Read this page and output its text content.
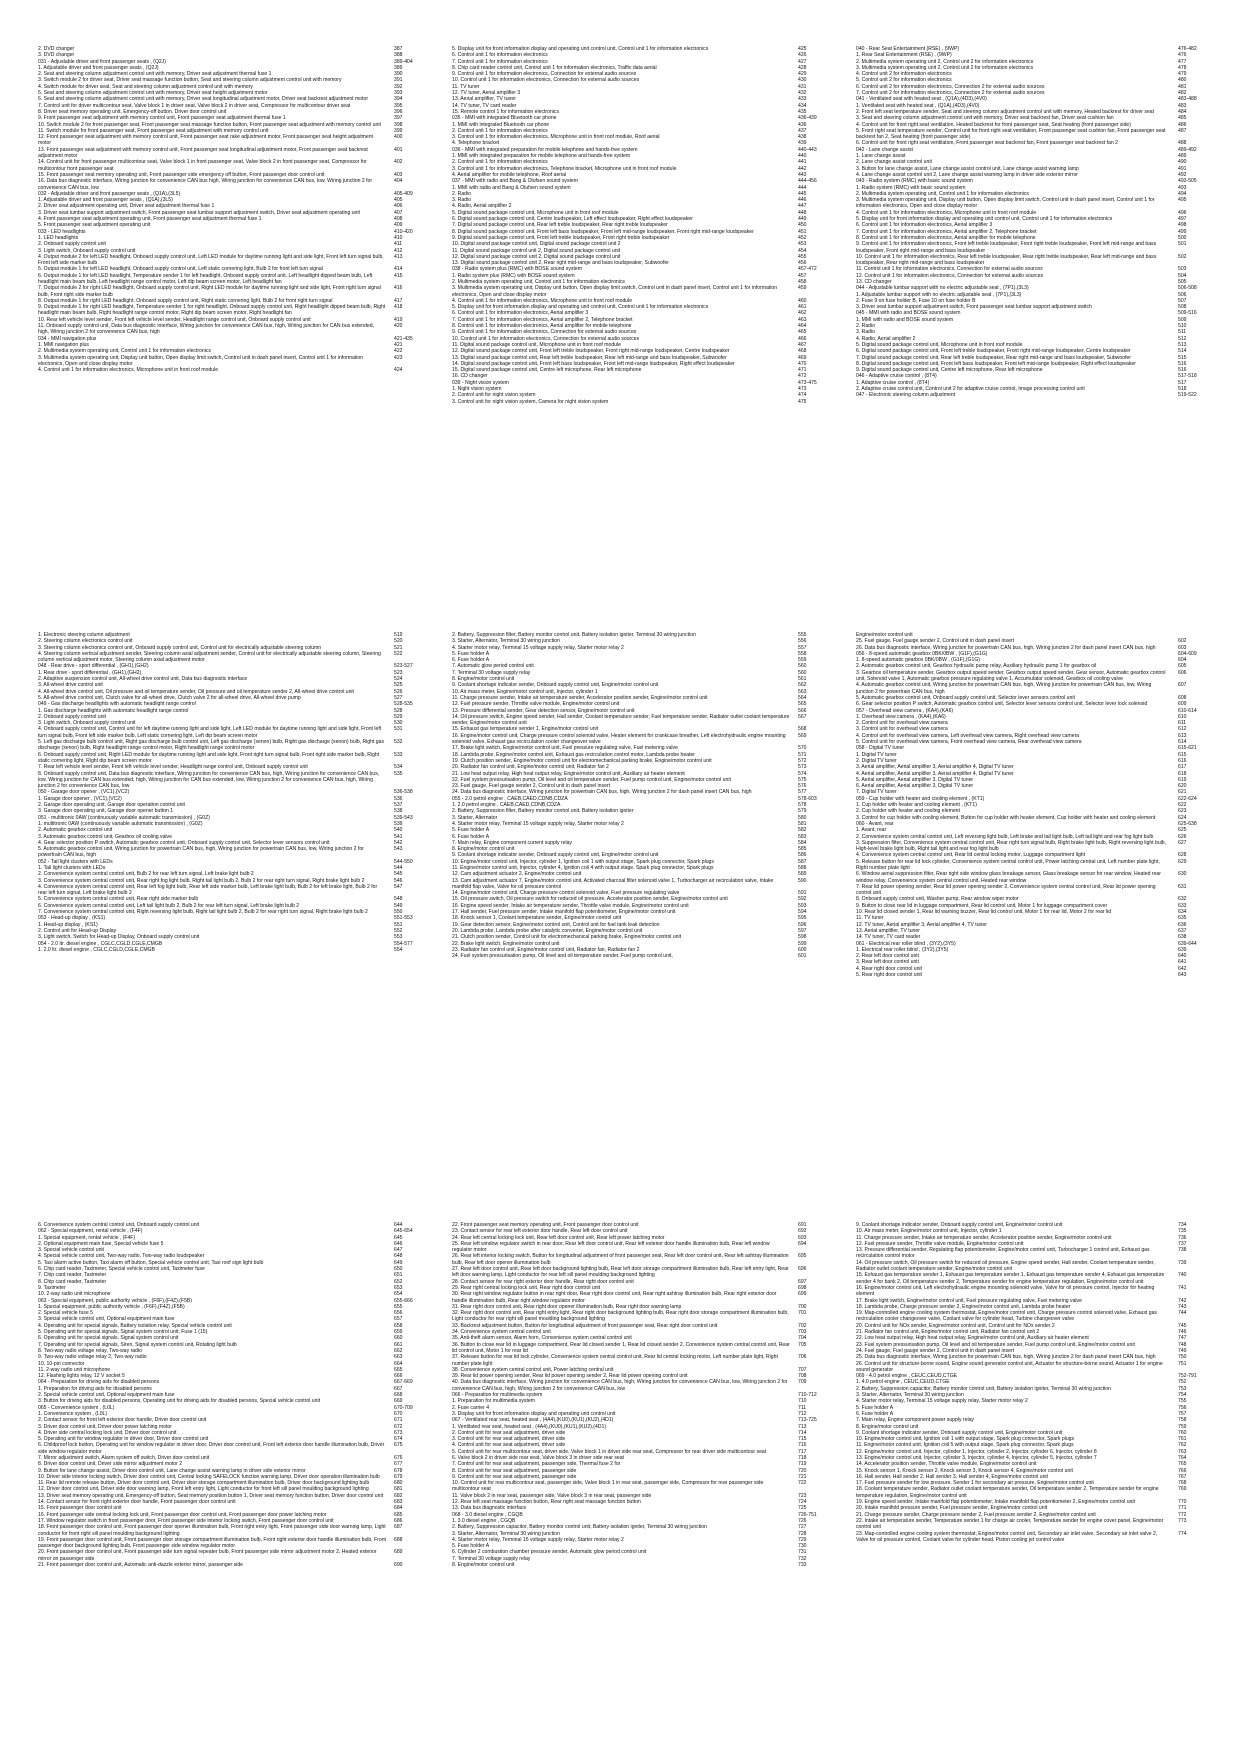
2. DVD changer	387
3. DVD changer	388
031 - Adjustable driver and front passenger seats , (Q2J)	389-404
1. Adjustable driver and front passenger seats , (Q2J)	389
2. Seat and steering column adjustment control unit with memory, Driver seat adjustment thermal fuse 1	390
3. Switch module 2 for driver seat, Driver seat massage function button, Seat and steering column adjustment control unit with memory	391
4. Switch module for driver seat, Seat and steering column adjustment control unit with memory	392
5. Seat and steering column adjustment control unit with memory, Driver seat height adjustment motor	393
6. Seat and steering column adjustment control unit with memory, Driver seat longitudinal adjustment motor, Driver seat backrest adjustment motor	394
7. Control unit for driver multicontour seat, Valve block 1 in driver seat, Valve block 2 in driver seat, Compressor for multicontour driver seat	395
8. Driver seat memory operating unit, Emergency-off button, Driver door control unit	396
9. Front passenger seat adjustment with memory control unit, Front passenger seat adjustment thermal fuse 1	397
10. Switch module 2 for front passenger seat, Front passenger seat massage function button, Front passenger seat adjustment with memory control unit	398
11. Switch module for front passenger seat, Front passenger seat adjustment with memory control unit	399
12. Front passenger seat adjustment with memory control unit, Front passenger seat rake adjustment motor, Front passenger seat height adjustment motor
400
13. Front passenger seat adjustment with memory control unit, Front passenger seat longitudinal adjustment motor, Front passenger seat backrest adjustment motor
401
14. Control unit for front passenger multicontour seat, Valve block 1 in front passenger seat, Valve block 2 in front passenger seat, Compressor for multicontour front passenger seat
402
15. Front passenger seat memory operating unit, Front passenger side emergency off button, Front passenger door control unit	403
16. Data bus diagnostic interface, Wiring junction for convenience CAN bus high, Wiring junction for convenience CAN bus, low, Wiring junction 2 for convenience CAN bus, low
404
032 - Adjustable driver and front passenger seats , (Q1A),(3L5)	405-409
1. Adjustable driver and front passenger seats , (Q1A),(3L5)	405
2. Driver seat adjustment operating unit, Driver seat adjustment thermal fuse 1	406
3. Driver seat lumbar support adjustment switch, Front passenger seat lumbar support adjustment switch, Driver seat adjustment operating unit	407
4. Front passenger seat adjustment operating unit, Front passenger seat adjustment thermal fuse 1	408
5. Front passenger seat adjustment operating unit	409
033 - LED headlights	410-420
1. LED headlights	410
2. Onboard supply control unit	411
3. Light switch, Onboard supply control unit	412
4. Output module 2 for left LED headlight, Onboard supply control unit, Left LED module for daytime running light and side light, Front left turn signal bulb, Front left side marker bulb
413
5. Output module 1 for left LED headlight, Onboard supply control unit, Left static cornering light, Bulb 2 for front left turn signal	414
6. Output module 1 for left LED headlight, Temperature sender 1 for left headlight, Onboard supply control unit, Left headlight dipped beam bulb, Left headlight main beam bulb, Left headlight range control motor, Left dip beam screen motor, Left headlight fan
415
7. Output module 2 for right LED headlight, Onboard supply control unit, Right LED module for daytime running light and side light, Front right turn signal bulb, Front right side marker bulb
416
8. Output module 1 for right LED headlight, Onboard supply control unit, Right static cornering light, Bulb 2 for front right turn signal	417
9. Output module 1 for right LED headlight, Temperature sender 1 for right headlight, Onboard supply control unit, Right headlight dipped beam bulb, Right headlight main beam bulb, Right headlight range control motor, Right dip beam screen motor, Right headlight fan
418
10. Rear left vehicle level sender, Front left vehicle level sender, Headlight range control unit, Onboard supply control unit	419
11. Onboard supply control unit, Data bus diagnostic interface, Wiring junction for convenience CAN bus, high, Wiring junction for CAN bus extended, high, Wiring junction 2 for convenience CAN bus, high
420
034 - MMI navigation plus	421-435
1. MMI navigation plus	421
2. Multimedia system operating unit, Control unit 1 for information electronics	422
3. Multimedia system operating unit, Display unit button, Open display limit switch, Control unit in dash panel insert, Control unit 1 for information electronics, Open and close display motor
423
4. Control unit 1 for information electronics, Microphone unit in front roof module	424
5. Display unit for front information display and operating unit control unit, Control unit 1 for information electronics	425
6. Control unit 1 for information electronics	426
7. Control unit 1 for information electronics	427
8. Chip card reader control unit, Control unit 1 for information electronics, Traffic data aerial	428
9. Control unit 1 for information electronics, Connection for external audio sources	429
10. Control unit 1 for information electronics, Connection for external audio sources	430
11. TV tuner	431
12. TV tuner, Aerial amplifier 3	432
13. Aerial amplifier, TV tuner	433
14. TV tuner, TV card reader	434
15. Remote control 1 for information electronics	435
035 - MMI with integrated Bluetooth car phone	436-439
1. MMI with integrated Bluetooth car phone	436
2. Control unit 1 for information electronics	437
3. Control unit 1 for information electronics, Microphone unit in front roof module, Roof aerial	438
4. Telephone bracket	439
036 - MMI with integrated preparation for mobile telephone and hands-free system	440-443
1. MMI with integrated preparation for mobile telephone and hands-free system	440
2. Control unit 1 for information electronics	441
3. Control unit 1 for information electronics, Telephone bracket, Microphone unit in front roof module	442
4. Aerial amplifier for mobile telephone, Roof aerial	443
037 - MMI with radio and Bang & Olufsen sound system	444-456
1. MMI with radio and Bang & Olufsen sound system	444
2. Radio	445
3. Radio	446
4. Radio, Aerial amplifier 2	447
5. Digital sound package control unit, Microphone unit in front roof module	448
6. Digital sound package control unit, Centre loudspeaker, Left effect loudspeaker, Right effect loudspeaker	449
7. Digital sound package control unit, Rear left treble loudspeaker, Rear right treble loudspeaker	450
8. Digital sound package control unit, Front left bass loudspeaker, Front left mid-range loudspeaker, Front right mid-range loudspeaker	451
9. Digital sound package control unit, Front left treble loudspeaker, Front right treble loudspeaker	452
10. Digital sound package control unit, Digital sound package control unit 2	453
11. Digital sound package control unit 2, Digital sound package control unit	454
12. Digital sound package control unit 2, Digital sound package control unit	455
13. Digital sound package control unit 2, Rear right mid-range and bass loudspeaker, Subwoofer	456
038 - Radio system plus (RMC) with BOSE sound system	457-472
1. Radio system plus (RMC) with BOSE sound system	457
2. Multimedia system operating unit, Control unit 1 for information electronics	458
3. Multimedia system operating unit, Display unit button, Open display limit switch, Control unit in dash panel insert, Control unit 1 for information electronics, Open and close display motor
459
4. Control unit 1 for information electronics, Microphone unit in front roof module	460
5. Display unit for front information display and operating unit control unit, Control unit 1 for information electronics	461
6. Control unit 1 for information electronics, Aerial amplifier 3	462
7. Control unit 1 for information electronics, Aerial amplifier 2, Telephone bracket	463
8. Control unit 1 for information electronics, Aerial amplifier for mobile telephone	464
9. Control unit 1 for information electronics, Connection for external audio sources	465
10. Control unit 1 for information electronics, Connection for external audio sources	466
11. Digital sound package control unit, Microphone unit in front roof module	467
12. Digital sound package control unit, Front left treble loudspeaker, Front right mid-range loudspeaker, Centre loudspeaker	468
13. Digital sound package control unit, Rear left treble loudspeaker, Rear left mid-range and bass loudspeaker, Subwoofer	469
14. Digital sound package control unit, Front left bass loudspeaker, Front left mid-range loudspeaker, Right effect loudspeaker	470
15. Digital sound package control unit, Centre left microphone, Rear left microphone	471
16. CD changer	472
039 - Night vision system	473-475
1. Night vision system	473
2. Control unit for night vision system	474
3. Control unit for night vision system, Camera for night vision system	475
040 - Rear Seat Entertainment (RSE) , (9WP)	476-482
1. Rear Seat Entertainment (RSE) , (9WP)	476
2. Multimedia system operating unit 2, Control unit 2 for information electronics	477
3. Multimedia system operating unit 2, Control unit 2 for information electronics	478
4. Control unit 2 for information electronics	479
5. Control unit 2 for information electronics	480
6. Control unit 2 for information electronics, Connection 2 for external audio sources	481
7. Control unit 2 for information electronics, Connection 2 for external audio sources	482
041 - Ventilated seat with heated seat , (Q1A),(4D3),(4V0)	483-488
1. Ventilated seat with heated seat , (Q1A),(4D3),(4V0)	483
2. Front left seat temperature sender, Seat and steering column adjustment control unit with memory, Heated backrest for driver seat	484
3. Seat and steering column adjustment control unit with memory, Driver seat backrest fan, Driver seat cushion fan	485
4. Control unit for front right seat ventilation, Heated backrest for front passenger seat, Seat heating (front passenger side)	486
5. Front right seat temperature sender, Control unit for front right seat ventilation, Front passenger seat cushion fan, Front passenger seat backrest fan 2, Seat heating (front passenger side)
487
6. Control unit for front right seat ventilation, Front passenger seat backrest fan, Front passenger seat backrest fan 2	488
042 - Lane change assist	489-492
1. Lane change assist	489
2. Lane change assist control unit	490
3. Button for lane change assist, Lane change assist control unit, Lane change assist warning lamp	491
4. Lane change assist control unit 2, Lane change assist warning lamp in driver side exterior mirror	492
043 - Radio system (RMC) with basic sound system	493-505
1. Radio system (RMC) with basic sound system	493
2. Multimedia system operating unit, Control unit 1 for information electronics	494
3. Multimedia system operating unit, Display unit button, Open display limit switch, Control unit in dash panel insert, Control unit 1 for information electronics, Open and close display motor
495
4. Control unit 1 for information electronics, Microphone unit in front roof module	496
5. Display unit for front information display and operating unit control unit, Control unit 1 for information electronics	497
6. Control unit 1 for information electronics, Aerial amplifier 3	498
7. Control unit 1 for information electronics, Aerial amplifier 2, Telephone bracket	499
8. Control unit 1 for information electronics, Aerial amplifier for mobile telephone	500
9. Control unit 1 for information electronics, Front left treble loudspeaker, Front right treble loudspeaker, Front left mid-range and bass loudspeaker, Front right mid-range and bass loudspeaker
501
10. Control unit 1 for information electronics, Rear left treble loudspeaker, Rear right treble loudspeaker, Rear left mid-range and bass loudspeaker, Rear right mid-range and bass loudspeaker
502
11. Control unit 1 for information electronics, Connection for external audio sources	503
12. Control unit 1 for information electronics, Connection for external audio sources	504
13. CD changer	505
044 - Adjustable lumbar support with no electric adjustable seat , (7P1),(3L3)	506-508
1. Adjustable lumbar support with no electric adjustable seat , (7P1),(3L3)	506
2. Fuse 9 on fuse holder B, Fuse 10 on fuse holder B	507
3. Driver seat lumbar support adjustment switch, Front passenger seat lumbar support adjustment switch	508
045 - MMI with radio and BOSE sound system	509-516
1. MMI with radio and BOSE sound system	509
2. Radio	510
3. Radio	511
4. Radio, Aerial amplifier 2	512
5. Digital sound package control unit, Microphone unit in front roof module	513
6. Digital sound package control unit, Front left treble loudspeaker, Front right mid-range loudspeaker, Centre loudspeaker	514
7. Digital sound package control unit, Rear left treble loudspeaker, Rear right mid-range and bass loudspeaker, Subwoofer	515
8. Digital sound package control unit, Front left bass loudspeaker, Front left mid-range loudspeaker, Right effect loudspeaker	516
9. Digital sound package control unit, Centre left microphone, Rear left microphone	516
046 - Adaptive cruise control , (8T4)	517-518
1. Adaptive cruise control , (8T4)	517
2. Adaptive cruise control unit, Control unit 2 for adaptive cruise control, Image processing control unit	518
047 - Electronic steering column adjustment	519-522
1. Electronic steering column adjustment	519
2. Steering column electronics control unit	520
3. Steering column electronics control unit, Onboard supply control unit, Control unit for electrically adjustable steering column	521
4. Steering column vertical adjustment sender, Steering column axial adjustment sender, Control unit for electrically adjustable steering column, Steering column vertical adjustment motor, Steering column axial adjustment motor
522
048 - Rear drive - sport differential , (GH1),(GH2)	523-527
1. Rear drive - sport differential , (GH1),(GH2)	523
2. Adaptive suspension control unit, All-wheel drive control unit, Data bus diagnostic interface	524
3. All-wheel drive control unit	525
4. All-wheel drive control unit, Oil pressure and oil temperature sender, Oil pressure and oil temperature sender 2, All-wheel drive control unit	526
5. All-wheel drive control unit, Clutch valve for all-wheel drive, Clutch valve 2 for all-wheel drive, All-wheel drive pump	527
049 - Gas discharge headlights with automatic headlight range control	528-535
1. Gas discharge headlights with automatic headlight range control	528
2. Onboard supply control unit	529
3. Light switch, Onboard supply control unit	530
4. Onboard supply control unit, Control unit for left daytime running light and side light, Left LED module for daytime running light and side light, Front left turn signal bulb, Front left side marker bulb, Left static cornering light, Left dip beam screen motor
531
5. Left gas discharge bulb control unit, Right gas discharge bulb control unit, Left gas discharge (xenon) bulb, Right gas discharge (xenon) bulb, Right gas discharge (xenon) bulb, Right headlight range control motor, Right headlight range control motor
532
6. Onboard supply control unit, Right LED module for daytime running light and side light, Front right turn signal bulb, Front right side marker bulb, Right static cornering light, Right dip beam screen motor
533
7. Rear left vehicle level sender, Front left vehicle level sender, Headlight range control unit, Onboard supply control unit	534
8. Onboard supply control unit, Data bus diagnostic interface, Wiring junction for convenience CAN bus, high, Wiring junction for convenience CAN bus, low, Wiring junction for CAN bus extended, high, Wiring junction for CAN bus extended, low, Wiring junction 2 for convenience CAN bus, high, Wiring junction 2 for convenience CAN bus, low
535
050 - Garage door opener , (VC1),(VC2)	536-538
1. Garage door opener , (VC1),(VC2)	536
2. Garage door operating unit, Garage door operation control unit	537
3. Garage door operating unit, Garage door opener button 1	538
051 - multitronic 0AW (continuously variable automatic transmission) , (G0Z)	539-543
1. multitronic 0AW (continuously variable automatic transmission) , (G0Z)	539
2. Automatic gearbox control unit	540
3. Automatic gearbox control unit, Gearbox oil cooling valve	541
4. Gear selector position P switch, Automatic gearbox control unit, Onboard supply control unit, Selector lever sensors control unit	542
5. Automatic gearbox control unit, Wiring junction for powertrain CAN bus, high, Wiring junction for powertrain CAN bus, low, Wiring junction 2 for powertrain CAN bus, high
543
052 - Tail light clusters with LEDs	544-550
1. Tail light clusters with LEDs	544
2. Convenience system central control unit, Bulb 2 for rear left turn signal, Left brake light bulb 2	545
3. Convenience system central control unit, Rear right fog light bulb, Right tail light bulb 2, Bulb 2 for rear right turn signal, Right brake light bulb 2	546
4. Convenience system central control unit, Rear left fog light bulb, Rear left side marker bulb, Left brake light bulb, Bulb 2 for left brake light, Bulb 2 for rear left turn signal, Left brake light bulb 2
547
5. Convenience system central control unit, Rear right side marker bulb	548
6. Convenience system central control unit, Left tail light bulb 2, Bulb 2 for rear left turn signal, Left brake light bulb 2	549
7. Convenience system central control unit, Right reversing light bulb, Right tail light bulb 2, Bulb 2 for rear right turn signal, Right brake light bulb 2	550
053 - Head-up display , (KS1)	551-553
1. Head-up display , (KS1)	551
2. Control unit for Head-up Display	552
3. Light switch, Switch for Head-up Display, Onboard supply control unit	553
054 - 2.0 ltr. diesel engine , CGLC,CGLD,CGLE,CMGB	554-577
1. 2.0 ltr. diesel engine , CGLC,CGLD,CGLE,CMGB	554
2. Battery, Suppression filter, Battery monitor control unit, Battery isolation igniter, Terminal 30 wiring junction	555
3. Starter, Alternator, Terminal 30 wiring junction	556
4. Starter motor relay, Terminal 15 voltage supply relay, Starter motor relay 2	557
5. Fuse holder A	558
6. Fuse holder A	559
7. Automatic glow period control unit	560
7. Terminal 30 voltage supply relay	560
8. Engine/motor control unit	561
9. Coolant shortage indicator sender, Onboard supply control unit, Engine/motor control unit	562
10. Air mass meter, Engine/motor control unit, Injector, cylinder 1	563
11. Charge pressure sender, Intake air temperature sender, Accelerator position sender, Engine/motor control unit	564
12. Fuel pressure sender, Throttle valve module, Engine/motor control unit	565
13. Pressure differential sender, Gear detection sensor, Engine/motor control unit	566
14. Oil pressure switch, Engine speed sender, Hall sender, Coolant temperature sender, Fuel temperature sender, Radiator outlet coolant temperature sender, Engine/motor control unit
567
15. Exhaust gas temperature sender 1, Engine/motor control unit	568
16. Engine/motor control unit, Charge pressure control solenoid valve, Heater element for crankcase breather, Left electrohydraulic engine mounting solenoid valve, Exhaust gas recirculation cooler changeover valve
569
17. Brake light switch, Engine/motor control unit, Fuel pressure regulating valve, Fuel metering valve	570
18. Lambda probe, Engine/motor control unit, Exhaust gas recirculation control motor, Lambda probe heater	571
19. Clutch position sender, Engine/motor control unit for electromechanical parking brake, Engine/motor control unit	572
20. Radiator fan control unit, Engine/motor control unit, Radiator fan 2	573
21. Low heat output relay, High heat output relay, Engine/motor control unit, Auxiliary air heater element	574
22. Fuel system pressurisation pump, Oil level and oil temperature sender, Fuel pump control unit, Engine/motor control unit	575
23. Fuel gauge, Fuel gauge sender 2, Control unit in dash panel insert	576
24. Data bus diagnostic interface, Wiring junction for powertrain CAN bus, high, Wiring junction 2 for dash panel insert CAN bus, high	577
055 - 2.0 petrol engine , CAEB,CAED,CDNB,CDZA	578-603
1. 2.0 petrol engine , CAEB,CAED,CDNB,CDZA	578
2. Battery, Suppression filter, Battery monitor control unit, Battery isolation igniter	579
3. Starter, Alternator	580
4. Starter motor relay, Terminal 15 voltage supply relay, Starter motor relay 2	581
5. Fuse holder A	582
6. Fuse holder A	583
7. Main relay, Engine component current supply relay	584
8. Engine/motor control unit	585
9. Coolant shortage indicator sender, Onboard supply control unit, Engine/motor control unit	586
10. Engine/motor control unit, Injector, cylinder 1, Ignition coil 1 with output stage, Spark plug connector, Spark plugs	587
11. Engine/motor control unit, Injector, cylinder 4, Ignition coil 4 with output stage, Spark plug connector, Spark plugs	588
12. Cam adjustment actuator 2, Engine/motor control unit	589
13. Cam adjustment actuator 7, Engine/motor control unit, Activated charcoal filter solenoid valve 1, Turbocharger air recirculation valve, Intake manifold flap valve, Valve for oil pressure control
590
14. Engine/motor control unit, Charge pressure control solenoid valve, Fuel pressure regulating valve	591
15. Oil pressure switch, Oil pressure switch for reduced oil pressure, Accelerator position sender, Engine/motor control unit	592
16. Engine speed sender, Intake air temperature sender, Throttle valve module, Engine/motor control unit	593
17. Hall sender, Fuel pressure sender, Intake manifold flap potentiometer, Engine/motor control unit	594
18. Knock sensor 1, Coolant temperature sender, Engine/motor control unit	595
19. Gear detection sensor, Engine/motor control unit, Control unit for fuel tank leak detection	596
20. Lambda probe, Lambda probe after catalytic converter, Engine/motor control unit	597
21. Clutch position sender, Control unit for electromechanical parking brake, Engine/motor control unit	598
22. Brake light switch, Engine/motor control unit	599
23. Radiator fan control unit, Engine/motor control unit, Radiator fan, Radiator fan 2	600
24. Fuel system pressurisation pump, Oil level and oil temperature sender, Fuel pump control unit,	601
Engine/motor control unit
25. Fuel gauge, Fuel gauge sender 2, Control unit in dash panel insert	602
26. Data bus diagnostic interface, Wiring junction for powertrain CAN bus, high, Wiring junction 2 for dash panel insert CAN bus, high	603
056 - 8-speed automatic gearbox 0BK/0BW , (G1F),(G1G)	604-609
1. 8-speed automatic gearbox 0BK/0BW , (G1F),(G1G)	604
2. Automatic gearbox control unit, Gearbox hydraulic pump relay, Auxiliary hydraulic pump 1 for gearbox oil	605
3. Gearbox oil temperature sender, Gearbox output speed sender, Gearbox output speed sender, Gear sensor, Automatic gearbox control unit, Solenoid valve 1, Automatic gearbox pressure regulating valve 1, Accumulator solenoid, Gearbox oil cooling valve
606
4. Automatic gearbox control unit, Wiring junction for powertrain CAN bus, high, Wiring junction for powertrain CAN bus, low, Wiring junction 2 for powertrain CAN bus, high
607
5. Automatic gearbox control unit, Onboard supply control unit, Selector lever sensors control unit	608
6. Gear selector position P switch, Automatic gearbox control unit, Selector lever sensors control unit, Selector lever lock solenoid	609
057 - Overhead view camera , (KA4),(KA6)	610-614
1. Overhead view camera , (KA4),(KA6)	610
2. Control unit for overhead view camera	611
3. Control unit for overhead view camera	612
4. Control unit for overhead view camera, Left overhead view camera, Right overhead view camera	613
5. Control unit for overhead view camera, Front overhead view camera, Rear overhead view camera	614
058 - Digital TV tuner	615-621
1. Digital TV tuner	615
2. Digital TV tuner	616
3. Aerial amplifier, Aerial amplifier 3, Aerial amplifier 4, Digital TV tuner	617
4. Aerial amplifier, Aerial amplifier 3, Aerial amplifier 4, Digital TV tuner	618
5. Aerial amplifier, Aerial amplifier 3, Digital TV tuner	619
6. Aerial amplifier, Aerial amplifier 3, Digital TV tuner	620
7. Digital TV tuner	621
059 - Cup holder with heater and cooling element , (KT1)	622-624
1. Cup holder with heater and cooling element , (KT1)	622
2. Cup holder with heater and cooling element	623
3. Control for cup holder with cooling element, Button for cup holder with heater element, Cup holder with heater and cooling element	624
060 - Avant, rear	625-638
1. Avant, rear	625
2. Convenience system central control unit, Left reversing light bulb, Left brake and tail light bulb, Left tail light and rear fog light bulb	626
3. Suppression filter, Convenience system central control unit, Rear right turn signal bulb, Right brake light bulb, Right reversing light bulb, High-level brake light bulb, Right tail light and rear fog light bulb
627
4. Convenience system central control unit, Rear lid central locking motor, Luggage compartment light	628
5. Release button for rear lid lock cylinder, Convenience system central control unit, Power latching central unit, Left number plate light, Right number plate light
629
6. Window aerial suppression filter, Rear right side window glass breakage sensor, Glass breakage sensor for rear window, Heated rear window relay, Convenience system central control unit, Heated rear window
630
7. Rear lid power opening sender, Rear lid power opening sender 2, Convenience system central control unit, Rear lid power opening control unit
631
8. Onboard supply control unit, Washer pump, Rear window wiper motor	632
9. Button to close rear lid in luggage compartment, Rear lid control unit, Motor 1 for luggage compartment cover	633
10. Rear lid closed sender 1, Rear lid warning buzzer, Rear lid control unit, Motor 1 for rear lid, Motor 2 for rear lid	634
11. TV tuner	635
12. TV tuner, Aerial amplifier 3, Aerial amplifier 4, TV tuner	636
13. Aerial amplifier, TV tuner	637
14. TV tuner, TV card reader	638
061 - Electrical rear roller blind , (3Y2),(3Y5)	639-644
1. Electrical rear roller blind , (3Y2),(3Y5)	639
2. Rear left door control unit	640
3. Rear left door control unit	641
4. Rear right door control unit	642
5. Rear right door control unit	643
6. Convenience system central control unit, Onboard supply control unit	644
062 - Special equipment, rental vehicle , (F4F)	645-654
1. Special equipment, rental vehicle , (F4F)	645
2. Optional equipment main fuse, Special vehicle fuse 5	646
3. Special vehicle control unit	647
4. Special vehicle control unit, Two-way radio, Two-way radio loudspeaker	648
5. Taxi alarm active button, Taxi alarm off button, Special vehicle control unit, Taxi roof sign light bulb	649
6. Chip card reader, Taximeter, Special vehicle control unit, Taximeter fuse	650
7. Chip card reader, Taximeter	651
8. Chip card reader, Taximeter	652
9. Taximeter	653
10. 2-way radio unit microphone	654
063 - Special equipment, public authority vehicle , (F6F),(F4Z),(F5B)	655-666
1. Special equipment, public authority vehicle , (F6F),(F4Z),(F5B)	655
2. Special vehicle fuse 5	656
3. Special vehicle control unit, Optional equipment main fuse	657
4. Operating unit for special signals, Battery isolation relay, Special vehicle control unit	658
5. Operating unit for special signals, Signal system control unit, Fuse 1 (15)	659
6. Operating unit for special signals, Signal system control unit	660
7. Operating unit for special signals, Siren, Signal system control unit, Rotating light bulb	661
8. Two-way radio voltage relay, Two-way radio	662
9. Two-way radio voltage relay 2, Two-way radio	663
10. 10-pin connector	664
11. 2-way radio unit microphone	665
12. Flashing lights relay, 12 V socket 5	666
064 - Preparation for driving aids for disabled persons	667-669
1. Preparation for driving aids for disabled persons	667
2. Special vehicle control unit, Optional equipment main fuse	668
3. Button for driving aids for disabled persons, Operating unit for driving aids for disabled persons, Special vehicle control unit	669
065 - Convenience system , (L0L)	670-709
1. Convenience system , (L0L)	670
2. Contact sensor for front left exterior door handle, Driver door control unit	671
3. Driver door control unit, Driver door power latching motor	672
4. Driver side central locking lock unit, Driver door control unit	673
5. Operating unit for window regulator in driver door, Driver door control unit	674
6. Childproof lock button, Operating unit for window regulator in driver door, Driver door control unit, Front left exterior door handle illumination bulb, Driver side window regulator motor
675
7. Mirror adjustment switch, Alarm system off switch, Driver door control unit	676
8. Driver door control unit, Driver side mirror adjustment motor 2	677
9. Button for lane change assist, Driver door control unit, Lane change assist warning lamp in driver side exterior mirror	678
10. Driver side interior locking switch, Driver door control unit, Central locking SAFELOCK function warning lamp, Driver door operation illumination bulb	679
11. Rear lid remote release button, Driver door control unit, Driver door storage compartment illumination bulb, Driver door background lighting bulb	680
12. Driver door control unit, Driver side door warning lamp, Front left entry light, Light conductor for front left sill panel moulding background lighting	681
13. Driver seat memory operating unit, Emergency-off button, Seat memory position button 1, Driver seat memory function button, Driver door control unit	682
14. Contact sensor for front right exterior door handle, Front passenger door control unit	683
15. Front passenger door control unit	684
16. Front passenger side central locking lock unit, Front passenger door control unit, Front passenger door power latching motor	685
17. Window regulator switch in front passenger door, Front passenger side interior locking switch, Front passenger door control unit	686
18. Front passenger door control unit, Front passenger door opener illumination bulb, Front right entry light, Front passenger side door warning lamp, Light conductor for front right sill panel moulding background lighting
687
19. Front passenger door control unit, Front passenger door storage compartment illumination bulb, Front right exterior door handle illumination bulb, Front passenger door background lighting bulb, Front passenger side window regulator motor
688
20. Front passenger door control unit, Front passenger side turn signal repeater bulb, Front passenger side mirror adjustment motor 2, Heated exterior mirror on passenger side
689
21. Front passenger door control unit, Automatic anti-dazzle exterior mirror, passenger side	690
22. Front passenger seat memory operating unit, Front passenger door control unit	691
23. Contact sensor for rear left exterior door handle, Rear left door control unit	692
24. Rear left central locking lock unit, Rear left door control unit, Rear left power latching motor	693
25. Rear left window regulator switch in rear door, Rear left door control unit, Rear left exterior door handle illumination bulb, Rear left window regulator motor
694
26. Rear left interior locking switch, Button for longitudinal adjustment of front passenger seat, Rear left door control unit, Rear left ashtray illumination bulb, Rear left door opener illumination bulb
695
27. Rear left door control unit, Rear left door background lighting bulb, Rear left door storage compartment illumination bulb, Rear left entry light, Rear left door warning lamp, Light conductor for rear left sill panel moulding background lighting
696
28. Contact sensor for rear right exterior door handle, Rear right door control unit	697
29. Rear right central locking lock unit, Rear right door control unit	698
30. Rear right window regulator button in rear right door, Rear right door control unit, Rear right ashtray illumination bulb, Rear right exterior door handle illumination bulb, Rear right window regulator motor
699
31. Rear right door control unit, Rear right door opener illumination bulb, Rear right door warning lamp	700
32. Rear right door control unit, Rear right entry light, Rear right door background lighting bulb, Rear right door storage compartment illumination bulb, Light conductor for rear right sill panel moulding background lighting
701
33. Backrest adjustment button, Button for longitudinal adjustment of front passenger seat, Rear right door control unit	702
34. Convenience system central control unit	703
35. Anti-theft alarm sensor, Alarm horn, Convenience system central control unit	704
36. Button to close rear lid in luggage compartment, Rear lid closed sender 1, Rear lid closed sender 2, Convenience system central control unit, Rear lid control unit, Motor 1 for rear lid
705
37. Release button for rear lid lock cylinder, Convenience system central control unit, Rear lid central locking motor, Left number plate light, Right number plate light
706
38. Convenience system central control unit, Power latching central unit	707
39. Rear lid power opening sender, Rear lid power opening sender 2, Rear lid power opening control unit	708
40. Data bus diagnostic interface, Wiring junction for convenience CAN bus, high, Wiring junction for convenience CAN bus, low, Wiring junction 2 for convenience CAN bus, high, Wiring junction 2 for convenience CAN bus, low
709
066 - Preparation for multimedia system	710-712
1. Preparation for multimedia system	710
2. Fuse carrier 4	711
3. Display unit for front information display and operating unit control unit	712
067 - Ventilated rear seat, heated seat , (4A4),(KU0),(KU1),(KU2),(4D1)	713-725
1. Ventilated rear seat, heated seat , (4A4),(KU0),(KU1),(KU2),(4D1)	713
2. Control unit for rear seat adjustment, driver side	714
3. Control unit for rear seat adjustment, driver side	715
4. Control unit for rear seat adjustment, driver side	716
5. Control unit for rear multicontour seat, driver side, Valve block 1 in driver side rear seat, Compressor for rear driver side multicontour seat	717
6. Valve block 2 in driver side rear seat, Valve block 3 in driver side rear seat	718
7. Control unit for rear seat adjustment, passenger side, Thermal fuse 2 for	719
8. Control unit for rear seat adjustment, passenger side	720
9. Control unit for rear seat adjustment, passenger side	721
10. Control unit for rear multicontour seat, passenger side, Valve block 1 in rear seat, passenger side, Compressor for rear passenger side multicontour seat
722
11. Valve block 2 in rear seat, passenger side, Valve block 3 in rear seat, passenger side	723
12. Rear left seat massage function button, Rear right seat massage function button	724
13. Data bus diagnostic interface	725
068 - 3.0 diesel engine , CGQB	726-751
1. 3.0 diesel engine , CGQB	726
2. Battery, Suppression capacitor, Battery monitor control unit, Battery isolation igniter, Terminal 30 wiring junction	727
3. Starter, Alternator, Terminal 30 wiring junction	728
4. Starter motor relay, Terminal 15 voltage supply relay, Starter motor relay 2	729
5. Fuse holder A	730
6. Cylinder 2 combustion chamber pressure sender, Automatic glow period control unit	731
7. Terminal 30 voltage supply relay	732
8. Engine/motor control unit	733
9. Coolant shortage indicator sender, Onboard supply control unit, Engine/motor control unit	734
10. Air mass meter, Engine/motor control unit, Injector, cylinder 1	735
11. Charge pressure sender, Intake air temperature sender, Accelerator position sender, Engine/motor control unit	736
12. Fuel pressure sender, Throttle valve module, Engine/motor control unit	737
13. Pressure differential sender, Regulating flap potentiometer, Engine/motor control unit, Turbocharger 1 control unit, Exhaust gas recirculation control motor
738
14. Oil pressure switch, Oil pressure switch for reduced oil pressure, Engine speed sender, Hall sender, Coolant temperature sender, Radiator outlet coolant temperature sender, Engine/motor control unit
739
15. Exhaust gas temperature sender 1, Exhaust gas temperature sender 1, Exhaust gas temperature sender 4, Exhaust gas temperature sender 4 for bank 2, Oil temperature sender 2, Temperature sender for engine temperature regulation, Engine/motor control unit
740
16. Engine/motor control unit, Left electrohydraulic engine mounting solenoid valve, Valve for oil pressure control, Injector for heating element
741
17. Brake light switch, Engine/motor control unit, Fuel pressure regulating valve, Fuel metering valve	742
18. Lambda probe, Charge pressure sender 2, Engine/motor control unit, Lambda probe heater	743
19. Map-controlled engine cooling system thermostat, Engine/motor control unit, Charge pressure control solenoid valve, Exhaust gas recirculation cooler changeover valve, Coolant valve for cylinder head, Turbine changeover valve
744
20. Control unit for NOx sender, Engine/motor control unit, Control unit for NOx sender 2	745
21. Radiator fan control unit, Engine/motor control unit, Radiator fan control unit 2	746
22. Low heat output relay, High heat output relay, Engine/motor control unit, Auxiliary air heater element	747
23. Fuel system pressurisation pump, Oil level and oil temperature sender, Fuel pump control unit, Engine/motor control unit	748
24. Fuel gauge, Fuel gauge sender 2, Control unit in dash panel insert	749
25. Data bus diagnostic interface, Wiring junction for powertrain CAN bus, high, Wiring junction 2 for dash panel insert CAN bus, high	750
26. Control unit for structure-borne sound, Engine sound generator control unit, Actuator for structure-borne sound, Actuator 1 for engine sound generator
751
069 - 4.0 petrol engine , CEUC,CEUD,CTGE	752-791
1. 4.0 petrol engine , CEUC,CEUD,CTGE	752
2. Battery, Suppression capacitor, Battery monitor control unit, Battery isolation igniter, Terminal 30 wiring junction	753
3. Starter, Alternator, Terminal 30 wiring junction	754
4. Starter motor relay, Terminal 15 voltage supply relay, Starter motor relay 2	755
5. Fuse holder A	756
6. Fuse holder A	757
7. Main relay, Engine component power supply relay	758
8. Engine/motor control unit	759
9. Coolant shortage indicator sender, Onboard supply control unit, Engine/motor control unit	760
10. Engine/motor control unit, Ignition coil 1 with output stage, Spark plug connector, Spark plugs	761
11. Engine/motor control unit, Ignition coil 5 with output stage, Spark plug connector, Spark plugs	762
12. Engine/motor control unit, Injector, cylinder 1, Injector, cylinder 2, Injector, cylinder 6, Injector, cylinder 8	763
13. Engine/motor control unit, Injector, cylinder 3, Injector, cylinder 4, Injector, cylinder 5, Injector, cylinder 7	764
14. Accelerator position sender, Throttle valve module, Engine/motor control unit	765
15. Knock sensor 1, Knock sensor 2, Knock sensor 3, Knock sensor 4, Engine/motor control unit	766
16. Hall sender, Hall sender 2, Hall sender 3, Hall sender 4, Engine/motor control unit	767
17. Fuel pressure sender for low pressure, Sender 1 for secondary air pressure, Engine/motor control unit	768
18. Coolant temperature sender, Radiator outlet coolant temperature sender, Oil temperature sender 2, Temperature sender for engine temperature regulation, Engine/motor control unit
769
19. Engine speed sender, Intake manifold flap potentiometer, Intake manifold flap potentiometer 2, Engine/motor control unit	770
20. Intake manifold pressure sender, Fuel pressure sender, Engine/motor control unit	771
21. Charge pressure sender, Charge pressure sender 2, Fuel pressure sender 2, Engine/motor control unit	772
22. Intake air temperature sender, Temperature sender 1 for charge air cooler, Temperature sender for engine cover panel, Engine/motor control unit
773
23. Map-controlled engine cooling system thermostat, Engine/motor control unit, Secondary air inlet valve, Secondary air inlet valve 2, Valve for oil pressure control, Coolant valve for cylinder head, Piston cooling jet control valve
774
